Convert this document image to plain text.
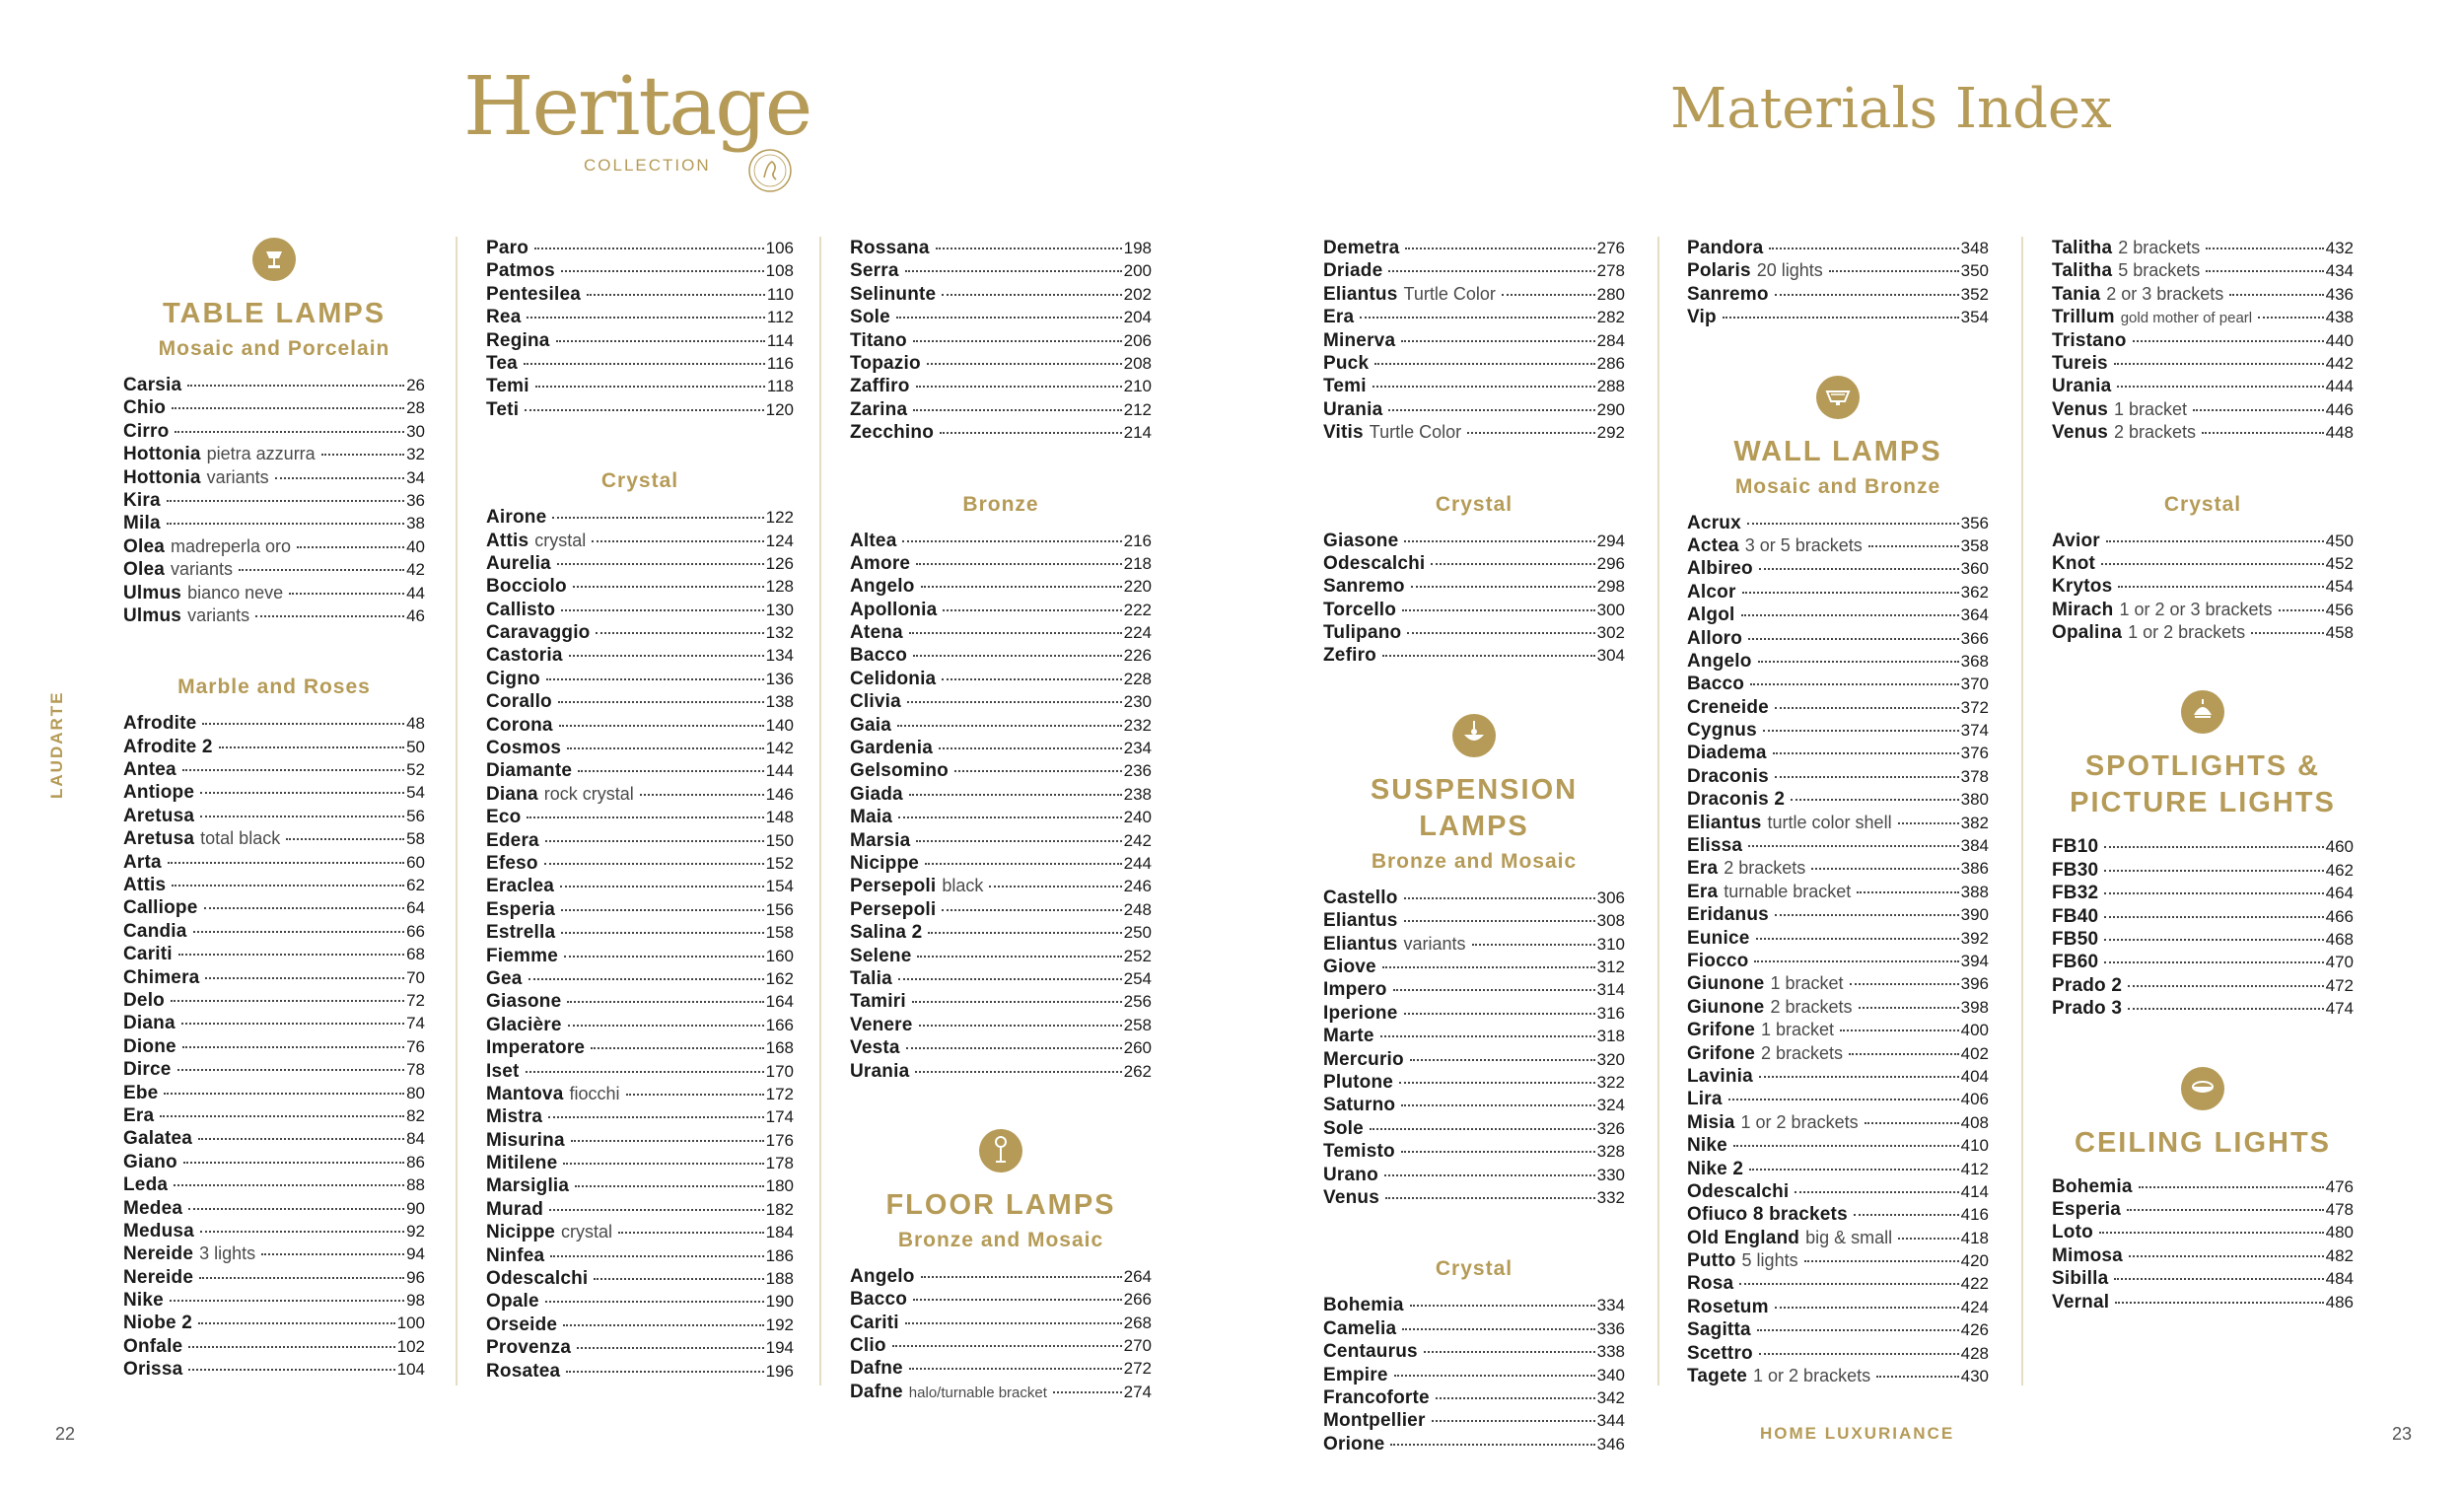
Heritage
COLLECTION
Materials Index
LAUDARTE
TABLE LAMPS
Mosaic and Porcelain
Carsia	26
Chio	28
Cirro	30
Hottonia pietra azzurra	32
Hottonia variants	34
Kira	36
Mila	38
Olea madreperla oro	40
Olea variants	42
Ulmus bianco neve	44
Ulmus variants	46
Marble and Roses
Afrodite	48
Afrodite 2	50
Antea	52
Antiope	54
Aretusa	56
Aretusa total black	58
Arta	60
Attis	62
Calliope	64
Candia	66
Cariti	68
Chimera	70
Delo	72
Diana	74
Dione	76
Dirce	78
Ebe	80
Era	82
Galatea	84
Giano	86
Leda	88
Medea	90
Medusa	92
Nereide 3 lights	94
Nereide	96
Nike	98
Niobe 2	100
Onfale	102
Orissa	104
Paro	106
Patmos	108
Pentesilea	110
Rea	112
Regina	114
Tea	116
Temi	118
Teti	120
Crystal
Airone	122
Attis crystal	124
Aurelia	126
Bocciolo	128
Callisto	130
Caravaggio	132
Castoria	134
Cigno	136
Corallo	138
Corona	140
Cosmos	142
Diamante	144
Diana rock crystal	146
Eco	148
Edera	150
Efeso	152
Eraclea	154
Esperia	156
Estrella	158
Fiemme	160
Gea	162
Giasone	164
Glacière	166
Imperatore	168
Iset	170
Mantova fiocchi	172
Mistra	174
Misurina	176
Mitilene	178
Marsiglia	180
Murad	182
Nicippe crystal	184
Ninfea	186
Odescalchi	188
Opale	190
Orseide	192
Provenza	194
Rosatea	196
Rossana	198
Serra	200
Selinunte	202
Sole	204
Titano	206
Topazio	208
Zaffiro	210
Zarina	212
Zecchino	214
Bronze
Altea	216
Amore	218
Angelo	220
Apollonia	222
Atena	224
Bacco	226
Celidonia	228
Clivia	230
Gaia	232
Gardenia	234
Gelsomino	236
Giada	238
Maia	240
Marsia	242
Nicippe	244
Persepoli black	246
Persepoli	248
Salina 2	250
Selene	252
Talia	254
Tamiri	256
Venere	258
Vesta	260
Urania	262
FLOOR LAMPS
Bronze and Mosaic
Angelo	264
Bacco	266
Cariti	268
Clio	270
Dafne	272
Dafne halo/turnable bracket	274
Demetra	276
Driade	278
Eliantus Turtle Color	280
Era	282
Minerva	284
Puck	286
Temi	288
Urania	290
Vitis Turtle Color	292
Crystal
Giasone	294
Odescalchi	296
Sanremo	298
Torcello	300
Tulipano	302
Zefiro	304
SUSPENSION LAMPS
Bronze and Mosaic
Castello	306
Eliantus	308
Eliantus variants	310
Giove	312
Impero	314
Iperione	316
Marte	318
Mercurio	320
Plutone	322
Saturno	324
Sole	326
Temisto	328
Urano	330
Venus	332
Crystal
Bohemia	334
Camelia	336
Centaurus	338
Empire	340
Francoforte	342
Montpellier	344
Orione	346
Pandora	348
Polaris 20 lights	350
Sanremo	352
Vip	354
WALL LAMPS
Mosaic and Bronze
Acrux	356
Actea 3 or 5 brackets	358
Albireo	360
Alcor	362
Algol	364
Alloro	366
Angelo	368
Bacco	370
Creneide	372
Cygnus	374
Diadema	376
Draconis	378
Draconis 2	380
Eliantus turtle color shell	382
Elissa	384
Era 2 brackets	386
Era turnable bracket	388
Eridanus	390
Eunice	392
Fiocco	394
Giunone 1 bracket	396
Giunone 2 brackets	398
Grifone 1 bracket	400
Grifone 2 brackets	402
Lavinia	404
Lira	406
Misia 1 or 2 brackets	408
Nike	410
Nike 2	412
Odescalchi	414
Ofiuco 8 brackets	416
Old England big & small	418
Putto 5 lights	420
Rosa	422
Rosetum	424
Sagitta	426
Scettro	428
Tagete 1 or 2 brackets	430
Talitha 2 brackets	432
Talitha 5 brackets	434
Tania 2 or 3 brackets	436
Trillum gold mother of pearl	438
Tristano	440
Tureis	442
Urania	444
Venus 1 bracket	446
Venus 2 brackets	448
Crystal
Avior	450
Knot	452
Krytos	454
Mirach 1 or 2 or 3 brackets	456
Opalina 1 or 2 brackets	458
SPOTLIGHTS &
PICTURE LIGHTS
FB10	460
FB30	462
FB32	464
FB40	466
FB50	468
FB60	470
Prado 2	472
Prado 3	474
CEILING LIGHTS
Bohemia	476
Esperia	478
Loto	480
Mimosa	482
Sibilla	484
Vernal	486
22	HOME LUXURIANCE	23
